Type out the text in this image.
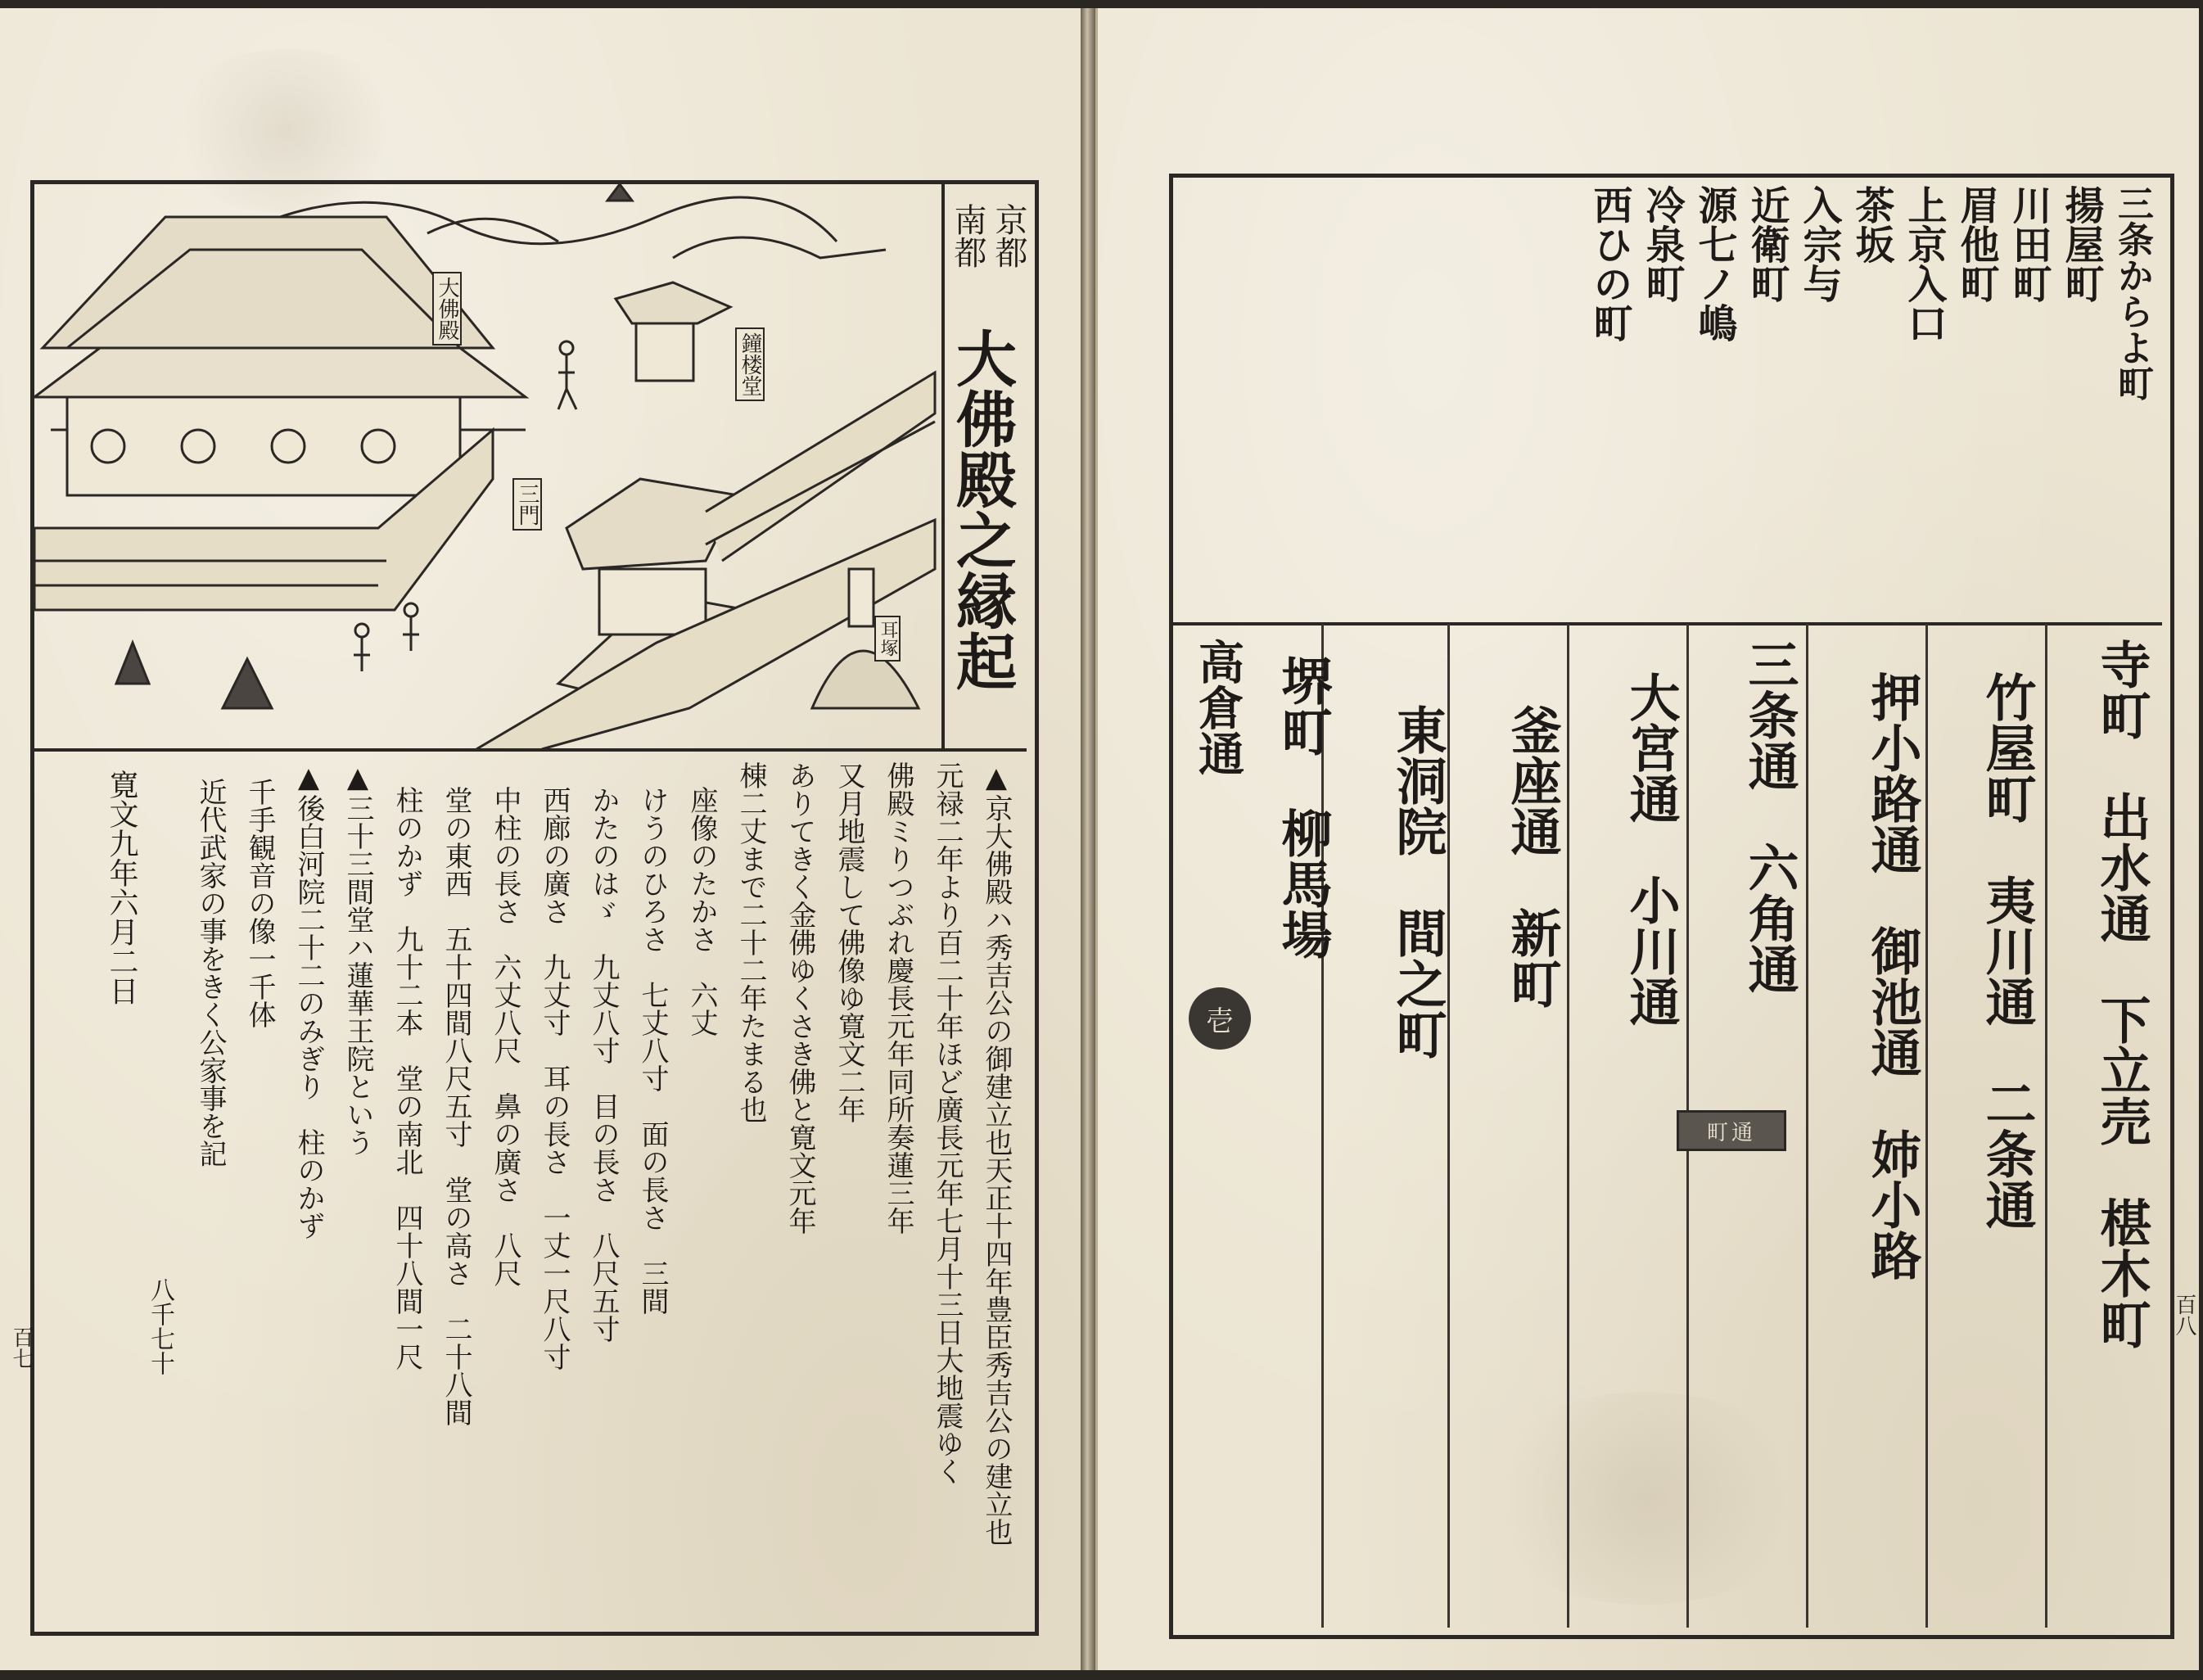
大佛殿
鐘楼堂
三門
耳塚
京都
南都
大佛殿之縁起
▲京大佛殿ハ秀吉公の御建立也天正十四年豊臣秀吉公の建立也
元禄二年より百二十年ほど廣長元年七月十三日大地震ゆく
佛殿ミりつぶれ慶長元年同所奏蓮三年
又月地震して佛像ゆ寛文二年
ありてきく金佛ゆくさき佛と寛文元年
棟二丈まで二十二年たまる也
座像のたかさ　六丈
けうのひろさ　七丈八寸　面の長さ　三間
かたのはゞ　九丈八寸　目の長さ　八尺五寸
西廊の廣さ　九丈寸　耳の長さ　一丈一尺八寸
中柱の長さ　六丈八尺　鼻の廣さ　八尺
堂の東西　五十四間八尺五寸　堂の高さ　二十八間
柱のかず　九十二本　堂の南北　四十八間一尺
▲三十三間堂ハ蓮華王院という
▲後白河院二十二のみぎり　柱のかず
千手観音の像一千体
近代武家の事をきく公家事を記
寛文九年六月二日
八千七十
百七
三条からよ町
揚屋町
川田町
眉他町
上京入口
茶坂
入宗与
近衛町
源七ノ嶋
冷泉町
西ひの町
寺町　出水通　下立売　椹木町
竹屋町　夷川通　二条通
押小路通　御池通　姉小路
三条通　六角通
大宮通　小川通
釜座通　新町
東洞院　間之町
堺町　柳馬場
高倉通
壱
町通
百八
